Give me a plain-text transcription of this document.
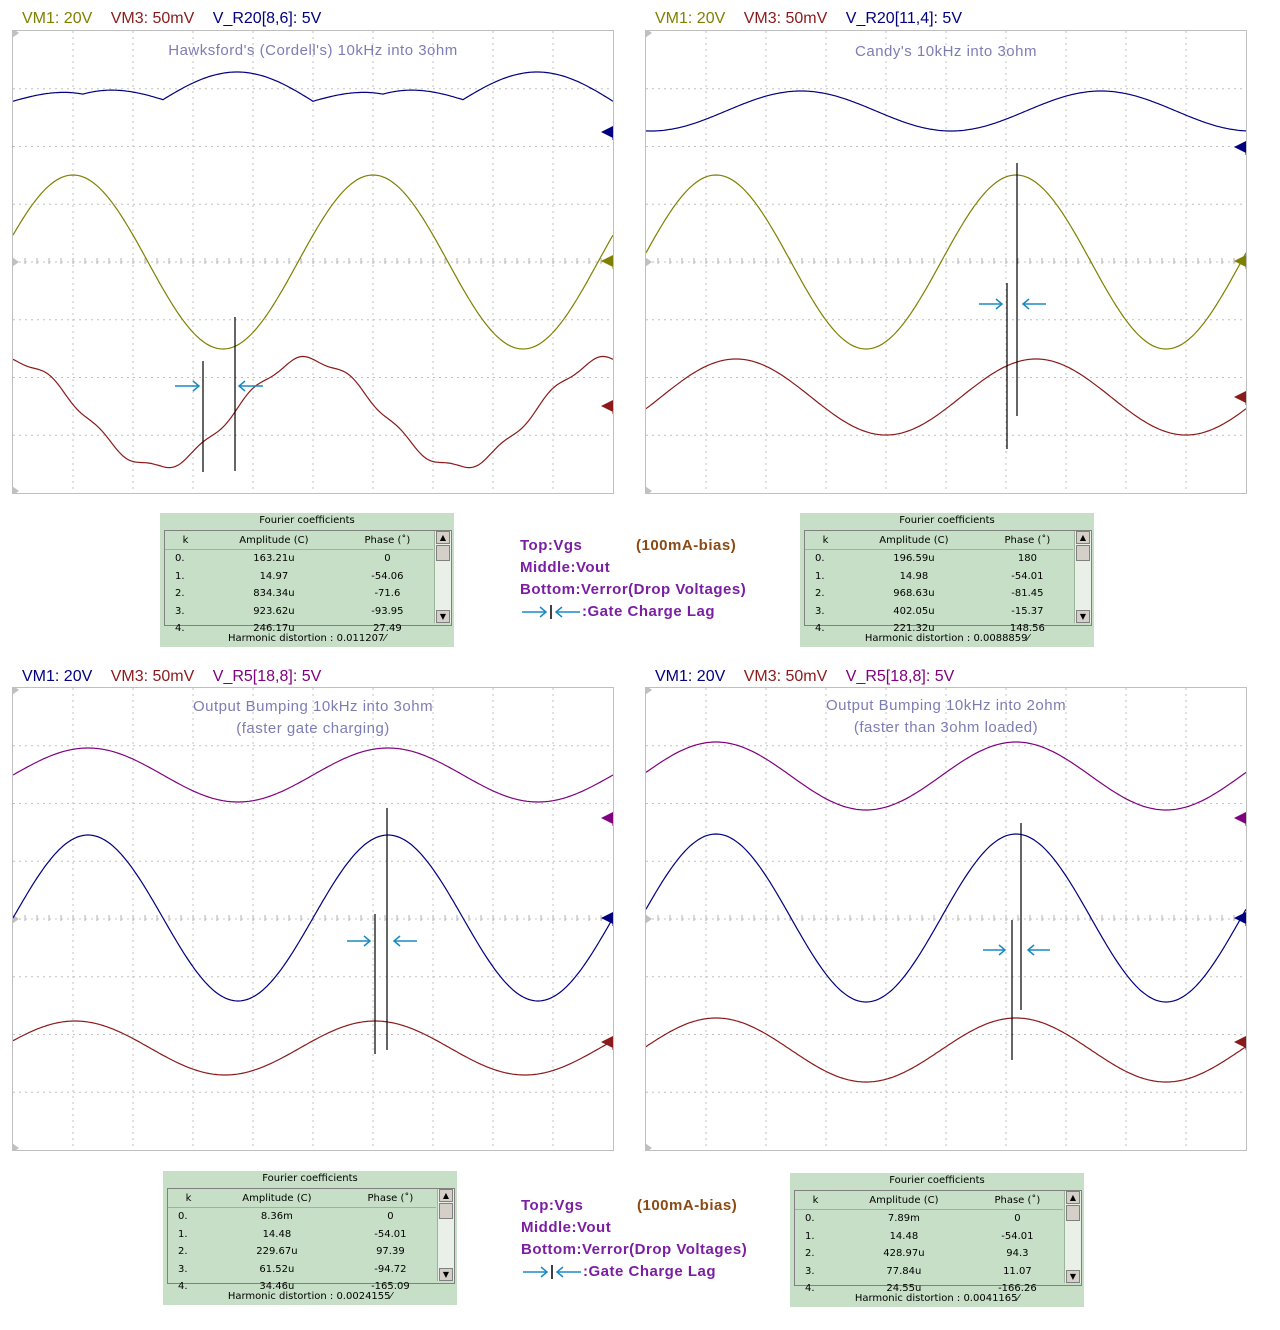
VM1: 20V VM3: 50mV V_R20[8,6]: 5V
Hawksford's (Cordell's) 10kHz into 3ohm
VM1: 20V VM3: 50mV V_R20[11,4]: 5V
Candy's 10kHz into 3ohm
Fourier coefficients
k	Amplitude (C)	Phase (˚)
0.	163.21u	0
1.	14.97	-54.06
2.	834.34u	-71.6
3.	923.62u	-93.95
4.	246.17u	27.49
▲
▼
Harmonic distortion : 0.011207⁄
Fourier coefficients
k	Amplitude (C)	Phase (˚)
0.	196.59u	180
1.	14.98	-54.01
2.	968.63u	-81.45
3.	402.05u	-15.37
4.	221.32u	148.56
▲
▼
Harmonic distortion : 0.0088859⁄
Top:Vgs	(100mA-bias)
Middle:Vout
Bottom:Verror(Drop Voltages)
:Gate Charge Lag
VM1: 20V VM3: 50mV V_R5[18,8]: 5V
Output Bumping 10kHz into 3ohm
(faster gate charging)
VM1: 20V VM3: 50mV V_R5[18,8]: 5V
Output Bumping 10kHz into 2ohm
(faster than 3ohm loaded)
Fourier coefficients
k	Amplitude (C)	Phase (˚)
0.	8.36m	0
1.	14.48	-54.01
2.	229.67u	97.39
3.	61.52u	-94.72
4.	34.46u	-165.09
▲
▼
Harmonic distortion : 0.0024155⁄
Fourier coefficients
k	Amplitude (C)	Phase (˚)
0.	7.89m	0
1.	14.48	-54.01
2.	428.97u	94.3
3.	77.84u	11.07
4.	24.55u	-166.26
▲
▼
Harmonic distortion : 0.0041165⁄
Top:Vgs	(100mA-bias)
Middle:Vout
Bottom:Verror(Drop Voltages)
:Gate Charge Lag
